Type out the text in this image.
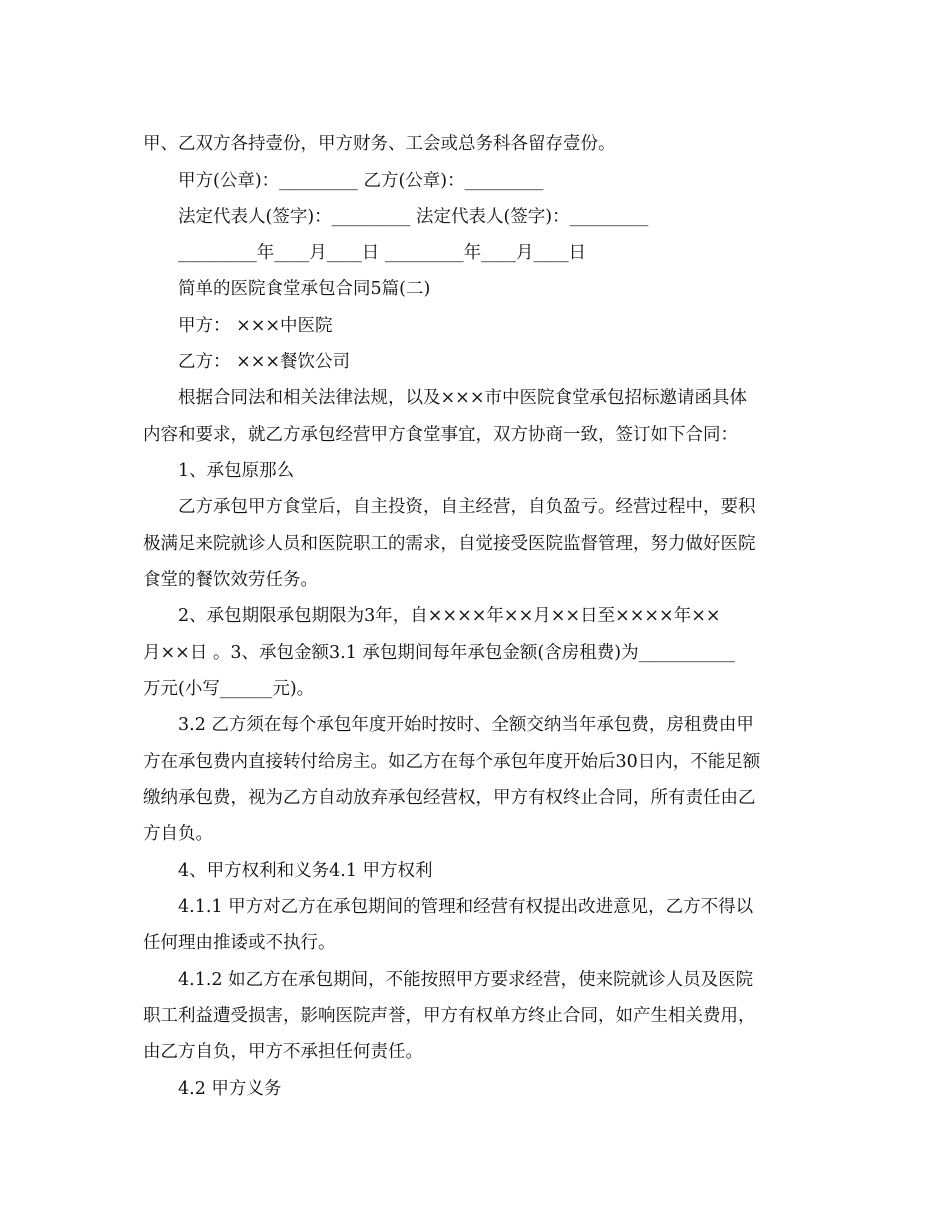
甲、乙双方各持壹份，甲方财务、工会或总务科各留存壹份。
甲方(公章)：_________ 乙方(公章)：_________
法定代表人(签字)：_________ 法定代表人(签字)：_________
_________年____月____日 _________年____月____日
简单的医院食堂承包合同5篇(二)
甲方： ×××中医院
乙方： ×××餐饮公司
根据合同法和相关法律法规，以及×××市中医院食堂承包招标邀请函具体
内容和要求，就乙方承包经营甲方食堂事宜，双方协商一致，签订如下合同：
1、承包原那么
乙方承包甲方食堂后，自主投资，自主经营，自负盈亏。经营过程中，要积
极满足来院就诊人员和医院职工的需求，自觉接受医院监督管理，努力做好医院
食堂的餐饮效劳任务。
2、承包期限承包期限为3年，自××××年××月××日至××××年××
月××日 。3、承包金额3.1 承包期间每年承包金额(含房租费)为___________
万元(小写______元)。
3.2 乙方须在每个承包年度开始时按时、全额交纳当年承包费，房租费由甲
方在承包费内直接转付给房主。如乙方在每个承包年度开始后30日内，不能足额
缴纳承包费，视为乙方自动放弃承包经营权，甲方有权终止合同，所有责任由乙
方自负。
4、甲方权利和义务4.1 甲方权利
4.1.1 甲方对乙方在承包期间的管理和经营有权提出改进意见，乙方不得以
任何理由推诿或不执行。
4.1.2 如乙方在承包期间，不能按照甲方要求经营，使来院就诊人员及医院
职工利益遭受损害，影响医院声誉，甲方有权单方终止合同，如产生相关费用，
由乙方自负，甲方不承担任何责任。
4.2 甲方义务
